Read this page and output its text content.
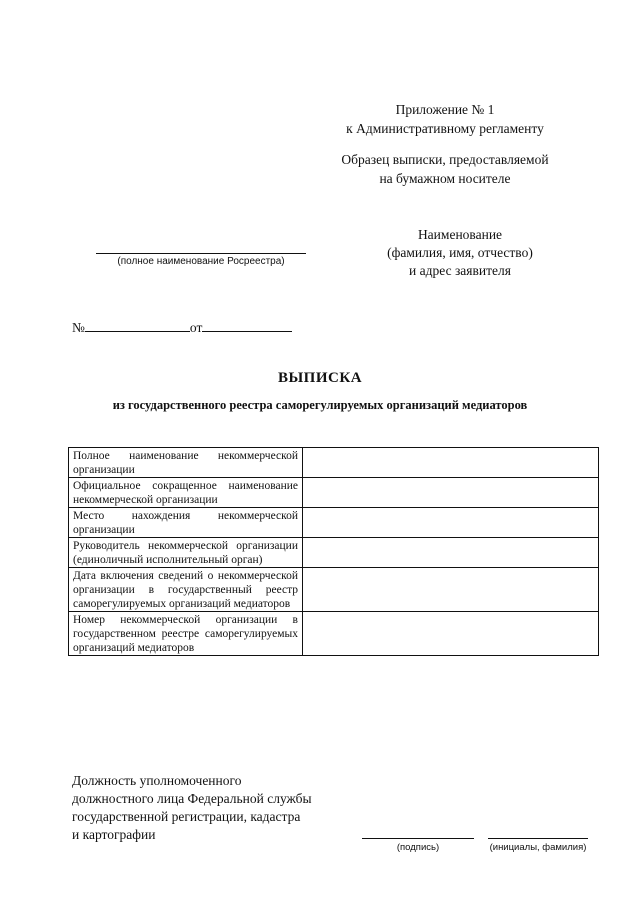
Приложение № 1
к Административному регламенту
Образец выписки, предоставляемой
на бумажном носителе
Наименование
(фамилия, имя, отчество)
и адрес заявителя
(полное наименование Росреестра)
№	от
ВЫПИСКА
из государственного реестра саморегулируемых организаций медиаторов
Полное наименование некоммерческой организации	
Официальное сокращенное наименование некоммерческой организации	
Место нахождения некоммерческой организации	
Руководитель некоммерческой организации (единоличный исполнительный орган)	
Дата включения сведений о некоммерческой организации в государственный реестр саморегулируемых организаций медиаторов	
Номер некоммерческой организации в государственном реестре саморегулируемых организаций медиаторов	
Должность уполномоченного
должностного лица Федеральной службы
государственной регистрации, кадастра
и картографии
(подпись)	(инициалы, фамилия)
